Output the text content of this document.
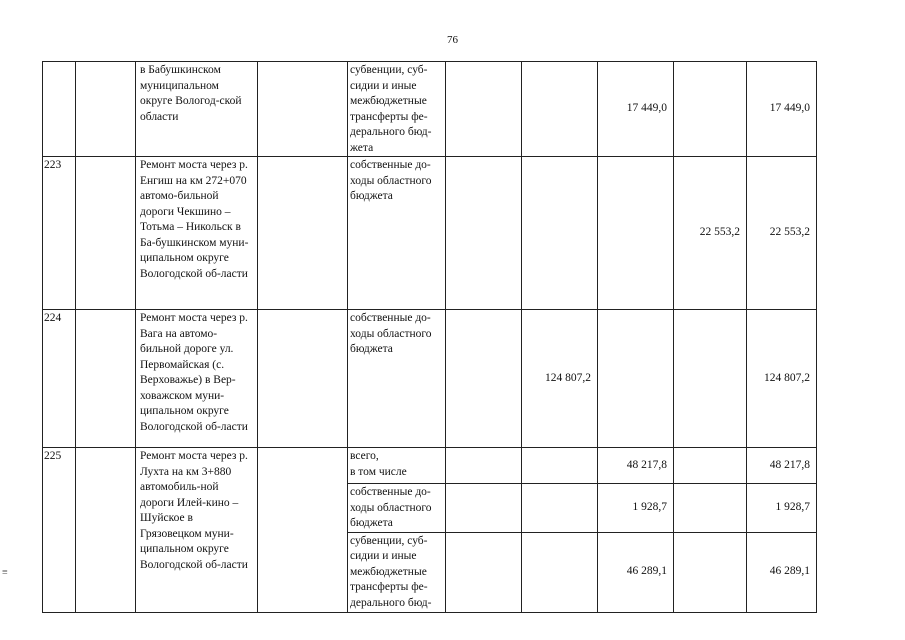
76
		в Бабушкинском муниципальном округе Вологод-ской области		субвенции, суб-сидии и иные межбюджетные трансферты фе-дерального бюд-жета			17 449,0		17 449,0
223		Ремонт моста через р. Енгиш на км 272+070 автомо-бильной дороги Чекшино – Тотьма – Никольск в Ба-бушкинском муни-ципальном округе Вологодской об-ласти		собственные до-ходы областного бюджета				22 553,2	22 553,2
224		Ремонт моста через р. Вага на автомо-бильной дороге ул. Первомайская (с. Верховажье) в Вер-ховажском муни-ципальном округе Вологодской об-ласти		собственные до-ходы областного бюджета		124 807,2			124 807,2
225		Ремонт моста через р. Лухта на км 3+880 автомобиль-ной дороги Илей-кино – Шуйское в Грязовецком муни-ципальном округе Вологодской об-ласти		всего,
в том числе			48 217,8		48 217,8
				собственные до-ходы областного бюджета			1 928,7		1 928,7
				субвенции, суб-сидии и иные межбюджетные трансферты фе-дерального бюд-			46 289,1		46 289,1
≡
